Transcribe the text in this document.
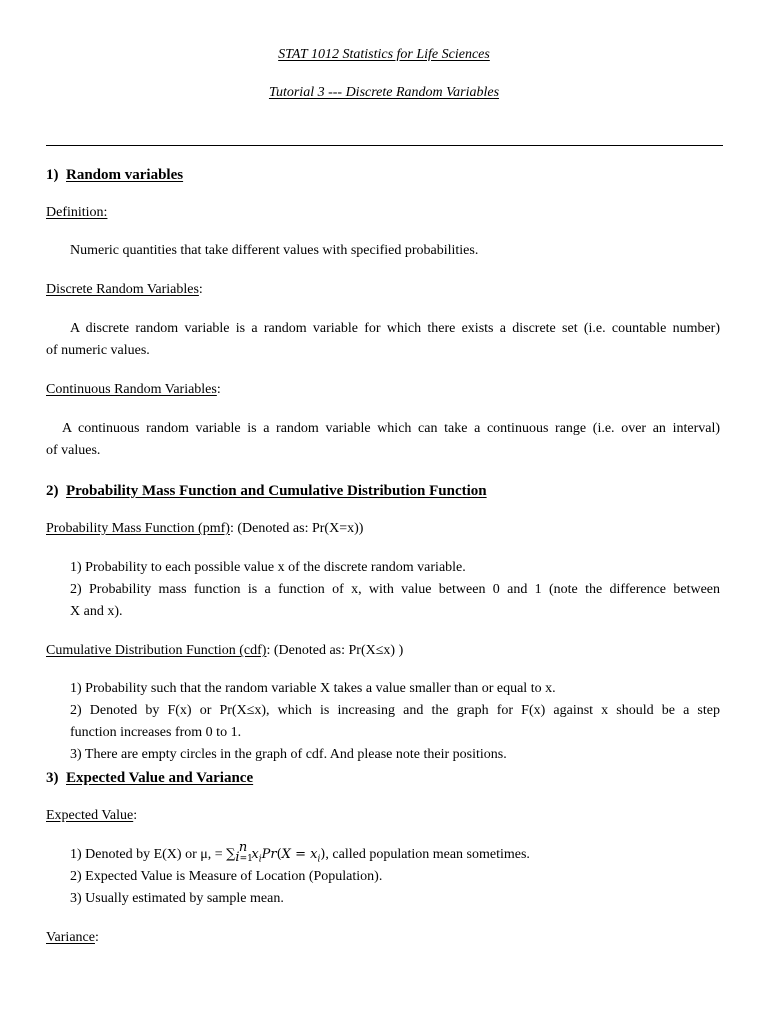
STAT 1012 Statistics for Life Sciences
Tutorial 3 --- Discrete Random Variables
1) Random variables
Definition:
Numeric quantities that take different values with specified probabilities.
Discrete Random Variables:
A discrete random variable is a random variable for which there exists a discrete set (i.e. countable number)
of numeric values.
Continuous Random Variables:
A continuous random variable is a random variable which can take a continuous range (i.e. over an interval)
of values.
2) Probability Mass Function and Cumulative Distribution Function
Probability Mass Function (pmf): (Denoted as: Pr(X=x))
1) Probability to each possible value x of the discrete random variable.
2) Probability mass function is a function of x, with value between 0 and 1 (note the difference between
X and x).
Cumulative Distribution Function (cdf): (Denoted as: Pr(X≤x) )
1) Probability such that the random variable X takes a value smaller than or equal to x.
2) Denoted by F(x) or Pr(X≤x), which is increasing and the graph for F(x) against x should be a step
function increases from 0 to 1.
3) There are empty circles in the graph of cdf. And please note their positions.
3) Expected Value and Variance
Expected Value:
1) Denoted by E(X) or μ, = $\sum_{i=1}^n$ $x_iPr(X = x_i)$, called population mean sometimes.
2) Expected Value is Measure of Location (Population).
3) Usually estimated by sample mean.
Variance:
